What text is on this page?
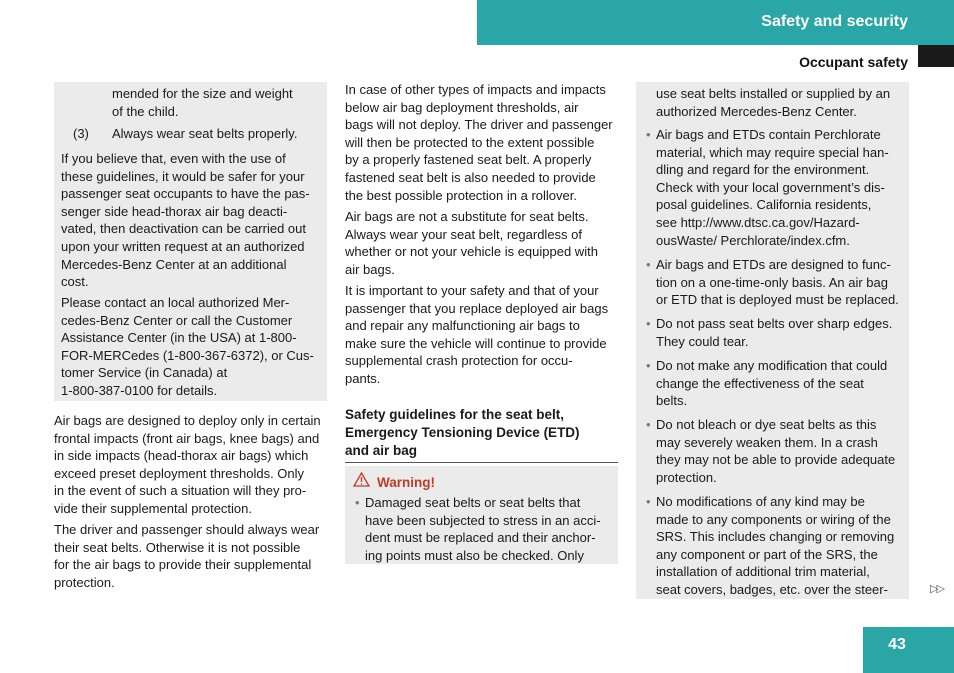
Safety and security
Occupant safety
mended for the size and weight
of the child.
(3) Always wear seat belts properly.
If you believe that, even with the use of
these guidelines, it would be safer for your
passenger seat occupants to have the pas-
senger side head-thorax air bag deacti-
vated, then deactivation can be carried out
upon your written request at an authorized
Mercedes-Benz Center at an additional
cost.
Please contact an local authorized Mer-
cedes-Benz Center or call the Customer
Assistance Center (in the USA) at 1-800-
FOR-MERCedes (1-800-367-6372), or Cus-
tomer Service (in Canada) at
1-800-387-0100 for details.
Air bags are designed to deploy only in certain
frontal impacts (front air bags, knee bags) and
in side impacts (head-thorax air bags) which
exceed preset deployment thresholds. Only
in the event of such a situation will they pro-
vide their supplemental protection.
The driver and passenger should always wear
their seat belts. Otherwise it is not possible
for the air bags to provide their supplemental
protection.
In case of other types of impacts and impacts
below air bag deployment thresholds, air
bags will not deploy. The driver and passenger
will then be protected to the extent possible
by a properly fastened seat belt. A properly
fastened seat belt is also needed to provide
the best possible protection in a rollover.
Air bags are not a substitute for seat belts.
Always wear your seat belt, regardless of
whether or not your vehicle is equipped with
air bags.
It is important to your safety and that of your
passenger that you replace deployed air bags
and repair any malfunctioning air bags to
make sure the vehicle will continue to provide
supplemental crash protection for occu-
pants.
Safety guidelines for the seat belt,
Emergency Tensioning Device (ETD)
and air bag
Warning!
• Damaged seat belts or seat belts that
have been subjected to stress in an acci-
dent must be replaced and their anchor-
ing points must also be checked. Only
use seat belts installed or supplied by an
authorized Mercedes-Benz Center.
• Air bags and ETDs contain Perchlorate
material, which may require special han-
dling and regard for the environment.
Check with your local government’s dis-
posal guidelines. California residents,
see http://www.dtsc.ca.gov/Hazard-
ousWaste/ Perchlorate/index.cfm.
• Air bags and ETDs are designed to func-
tion on a one-time-only basis. An air bag
or ETD that is deployed must be replaced.
• Do not pass seat belts over sharp edges.
They could tear.
• Do not make any modification that could
change the effectiveness of the seat
belts.
• Do not bleach or dye seat belts as this
may severely weaken them. In a crash
they may not be able to provide adequate
protection.
• No modifications of any kind may be
made to any components or wiring of the
SRS. This includes changing or removing
any component or part of the SRS, the
installation of additional trim material,
seat covers, badges, etc. over the steer-	▷▷
43
